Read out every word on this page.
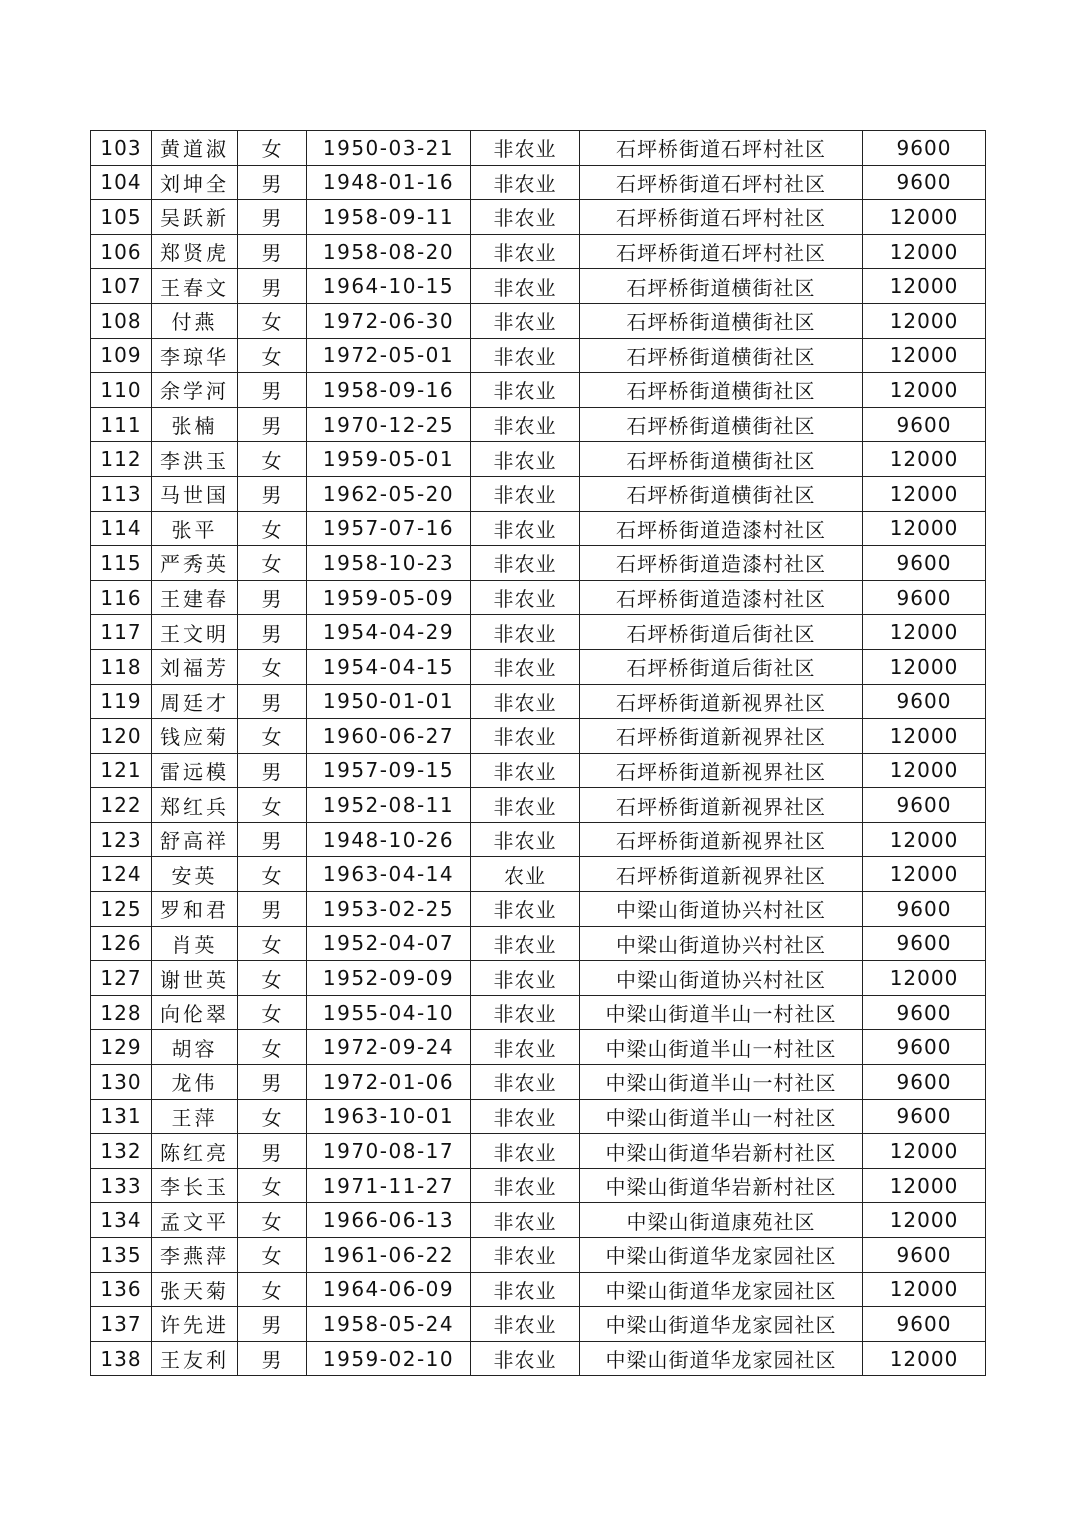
103	黄道淑	女	1950-03-21	非农业	石坪桥街道石坪村社区	9600
104	刘坤全	男	1948-01-16	非农业	石坪桥街道石坪村社区	9600
105	吴跃新	男	1958-09-11	非农业	石坪桥街道石坪村社区	12000
106	郑贤虎	男	1958-08-20	非农业	石坪桥街道石坪村社区	12000
107	王春文	男	1964-10-15	非农业	石坪桥街道横街社区	12000
108	付燕	女	1972-06-30	非农业	石坪桥街道横街社区	12000
109	李琼华	女	1972-05-01	非农业	石坪桥街道横街社区	12000
110	余学河	男	1958-09-16	非农业	石坪桥街道横街社区	12000
111	张楠	男	1970-12-25	非农业	石坪桥街道横街社区	9600
112	李洪玉	女	1959-05-01	非农业	石坪桥街道横街社区	12000
113	马世国	男	1962-05-20	非农业	石坪桥街道横街社区	12000
114	张平	女	1957-07-16	非农业	石坪桥街道造漆村社区	12000
115	严秀英	女	1958-10-23	非农业	石坪桥街道造漆村社区	9600
116	王建春	男	1959-05-09	非农业	石坪桥街道造漆村社区	9600
117	王文明	男	1954-04-29	非农业	石坪桥街道后街社区	12000
118	刘福芳	女	1954-04-15	非农业	石坪桥街道后街社区	12000
119	周廷才	男	1950-01-01	非农业	石坪桥街道新视界社区	9600
120	钱应菊	女	1960-06-27	非农业	石坪桥街道新视界社区	12000
121	雷远模	男	1957-09-15	非农业	石坪桥街道新视界社区	12000
122	郑红兵	女	1952-08-11	非农业	石坪桥街道新视界社区	9600
123	舒高祥	男	1948-10-26	非农业	石坪桥街道新视界社区	12000
124	安英	女	1963-04-14	农业	石坪桥街道新视界社区	12000
125	罗和君	男	1953-02-25	非农业	中梁山街道协兴村社区	9600
126	肖英	女	1952-04-07	非农业	中梁山街道协兴村社区	9600
127	谢世英	女	1952-09-09	非农业	中梁山街道协兴村社区	12000
128	向伦翠	女	1955-04-10	非农业	中梁山街道半山一村社区	9600
129	胡容	女	1972-09-24	非农业	中梁山街道半山一村社区	9600
130	龙伟	男	1972-01-06	非农业	中梁山街道半山一村社区	9600
131	王萍	女	1963-10-01	非农业	中梁山街道半山一村社区	9600
132	陈红亮	男	1970-08-17	非农业	中梁山街道华岩新村社区	12000
133	李长玉	女	1971-11-27	非农业	中梁山街道华岩新村社区	12000
134	孟文平	女	1966-06-13	非农业	中梁山街道康苑社区	12000
135	李燕萍	女	1961-06-22	非农业	中梁山街道华龙家园社区	9600
136	张天菊	女	1964-06-09	非农业	中梁山街道华龙家园社区	12000
137	许先进	男	1958-05-24	非农业	中梁山街道华龙家园社区	9600
138	王友利	男	1959-02-10	非农业	中梁山街道华龙家园社区	12000
